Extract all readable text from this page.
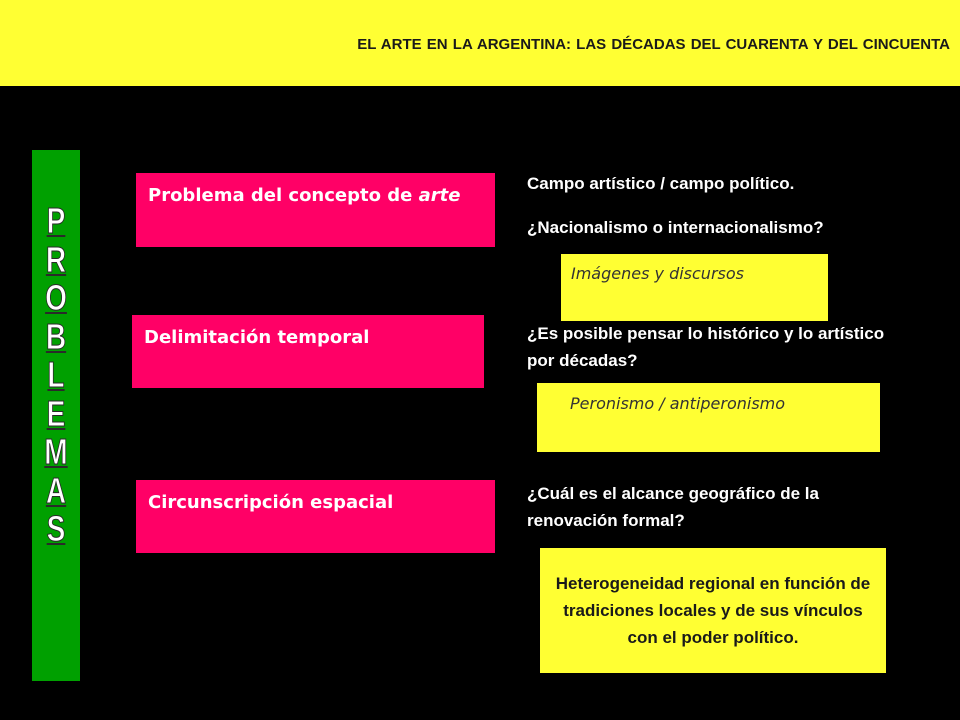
EL ARTE EN LA ARGENTINA: LAS DÉCADAS DEL CUARENTA Y DEL CINCUENTA
P
R
O
B
L
E
M
A
S
Problema del concepto de arte
Campo artístico / campo político.
¿Nacionalismo o internacionalismo?
Imágenes y discursos
Delimitación temporal	¿Es posible pensar lo histórico y lo artístico por décadas?
Peronismo / antiperonismo
Circunscripción espacial	¿Cuál es el alcance geográfico de la renovación formal?
Heterogeneidad regional en función de tradiciones locales y de sus vínculos con el poder político.
